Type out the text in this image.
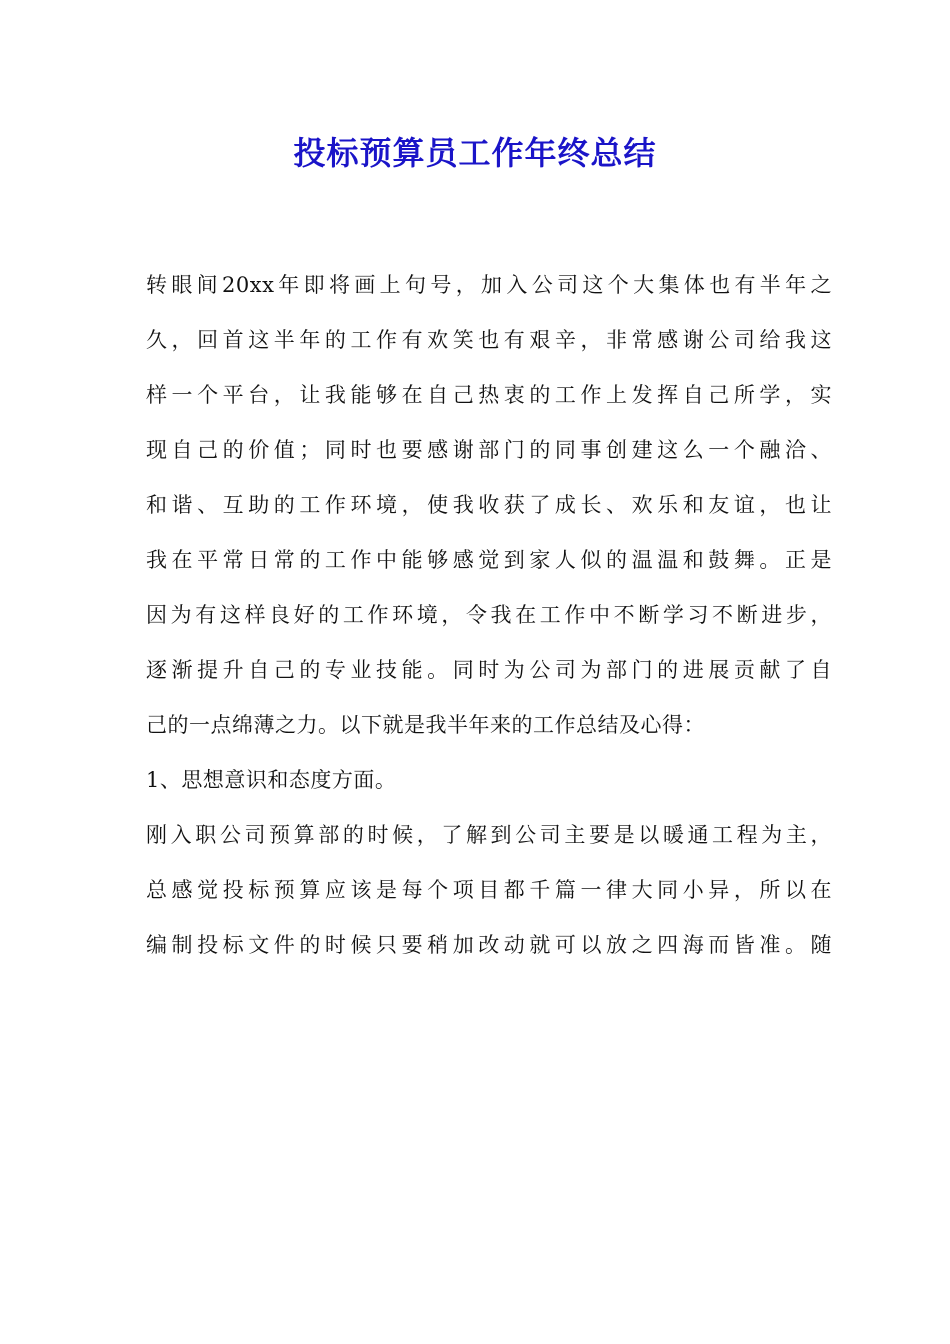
投标预算员工作年终总结
转眼间20xx年即将画上句号，加入公司这个大集体也有半年之
久，回首这半年的工作有欢笑也有艰辛，非常感谢公司给我这
样一个平台，让我能够在自己热衷的工作上发挥自己所学，实
现自己的价值；同时也要感谢部门的同事创建这么一个融洽、
和谐、互助的工作环境，使我收获了成长、欢乐和友谊，也让
我在平常日常的工作中能够感觉到家人似的温温和鼓舞。正是
因为有这样良好的工作环境，令我在工作中不断学习不断进步，
逐渐提升自己的专业技能。同时为公司为部门的进展贡献了自
己的一点绵薄之力。以下就是我半年来的工作总结及心得：
1、思想意识和态度方面。
刚入职公司预算部的时候，了解到公司主要是以暖通工程为主，
总感觉投标预算应该是每个项目都千篇一律大同小异，所以在
编制投标文件的时候只要稍加改动就可以放之四海而皆准。随
